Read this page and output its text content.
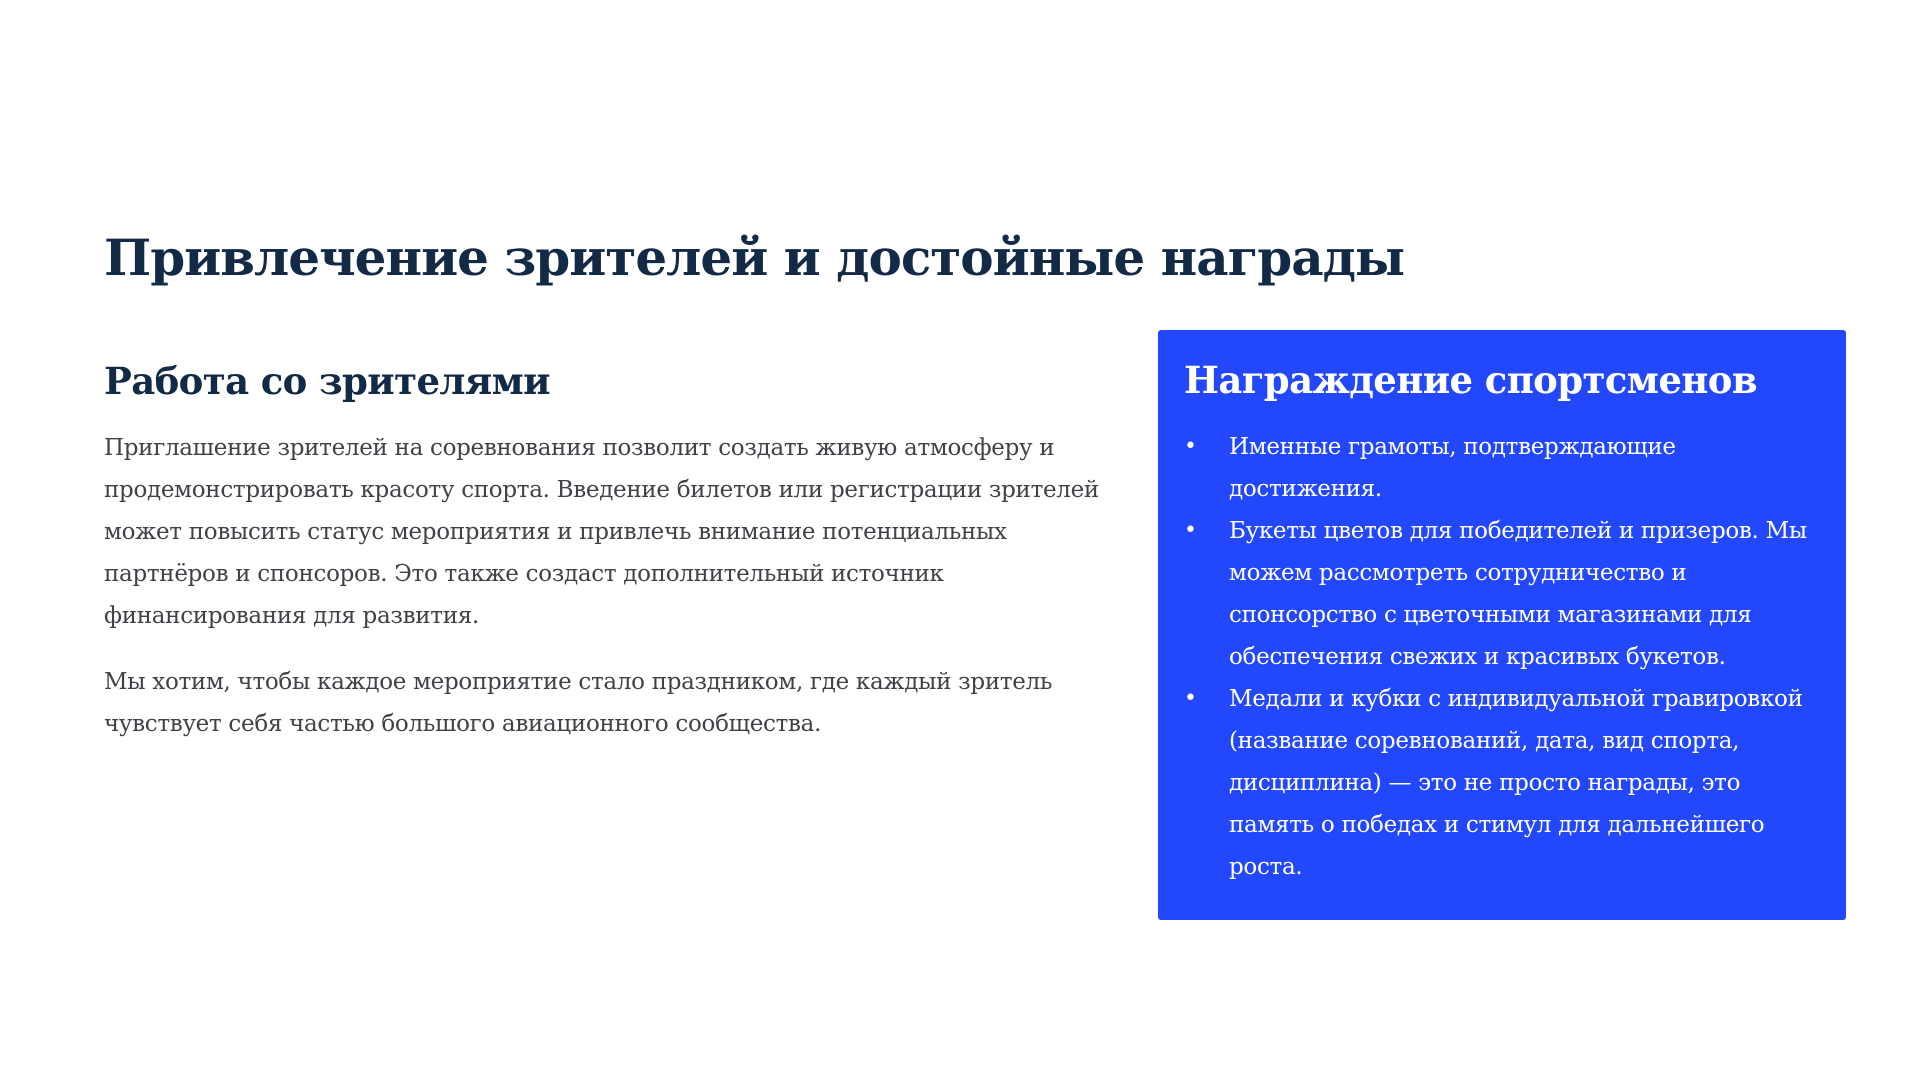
Привлечение зрителей и достойные награды
Работа со зрителями

Приглашение зрителей на соревнования позволит создать живую атмосферу и продемонстрировать красоту спорта. Введение билетов или регистрации зрителей может повысить статус мероприятия и привлечь внимание потенциальных партнёров и спонсоров. Это также создаст дополнительный источник финансирования для развития.

Мы хотим, чтобы каждое мероприятие стало праздником, где каждый зритель чувствует себя частью большого авиационного сообщества.

Награждение спортсменов
• Именные грамоты, подтверждающие достижения.
• Букеты цветов для победителей и призеров. Мы можем рассмотреть сотрудничество и спонсорство с цветочными магазинами для обеспечения свежих и красивых букетов.
• Медали и кубки с индивидуальной гравировкой (название соревнований, дата, вид спорта, дисциплина) — это не просто награды, это память о победах и стимул для дальнейшего роста.
